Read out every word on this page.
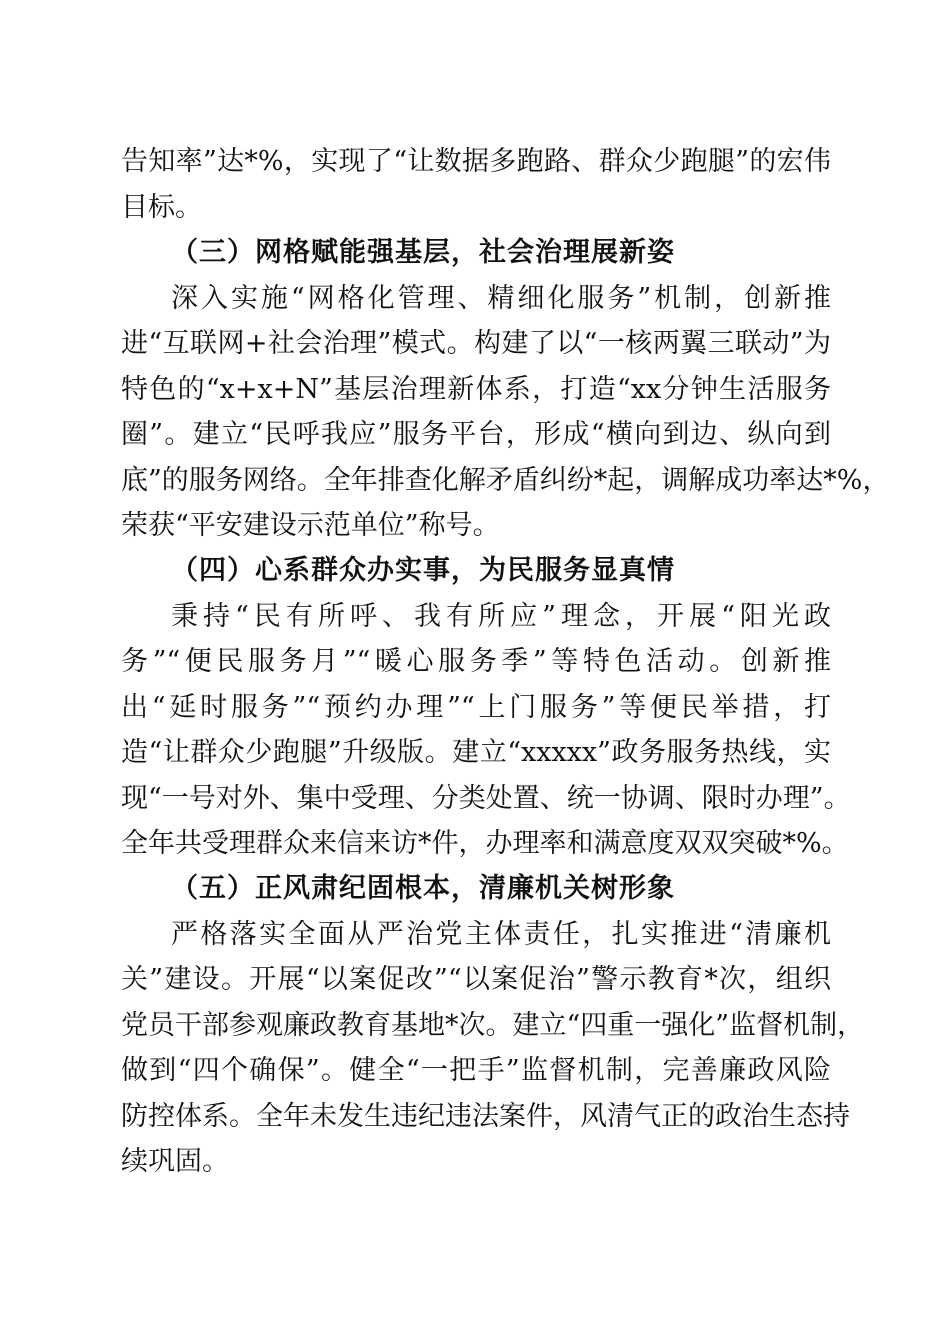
告知率”达*%，实现了“让数据多跑路、群众少跑腿”的宏伟
目标。
（三）网格赋能强基层，社会治理展新姿
深入实施“网格化管理、精细化服务”机制，创新推
进“互联网+社会治理”模式。构建了以“一核两翼三联动”为
特色的“x+x+N”基层治理新体系，打造“xx分钟生活服务
圈”。建立“民呼我应”服务平台，形成“横向到边、纵向到
底”的服务网络。全年排查化解矛盾纠纷*起，调解成功率达*%，
荣获“平安建设示范单位”称号。
（四）心系群众办实事，为民服务显真情
秉持“民有所呼、我有所应”理念，开展“阳光政
务”“便民服务月”“暖心服务季”等特色活动。创新推
出“延时服务”“预约办理”“上门服务”等便民举措，打
造“让群众少跑腿”升级版。建立“xxxxx”政务服务热线，实
现“一号对外、集中受理、分类处置、统一协调、限时办理”。
全年共受理群众来信来访*件，办理率和满意度双双突破*%。
（五）正风肃纪固根本，清廉机关树形象
严格落实全面从严治党主体责任，扎实推进“清廉机
关”建设。开展“以案促改”“以案促治”警示教育*次，组织
党员干部参观廉政教育基地*次。建立“四重一强化”监督机制，
做到“四个确保”。健全“一把手”监督机制，完善廉政风险
防控体系。全年未发生违纪违法案件，风清气正的政治生态持
续巩固。
